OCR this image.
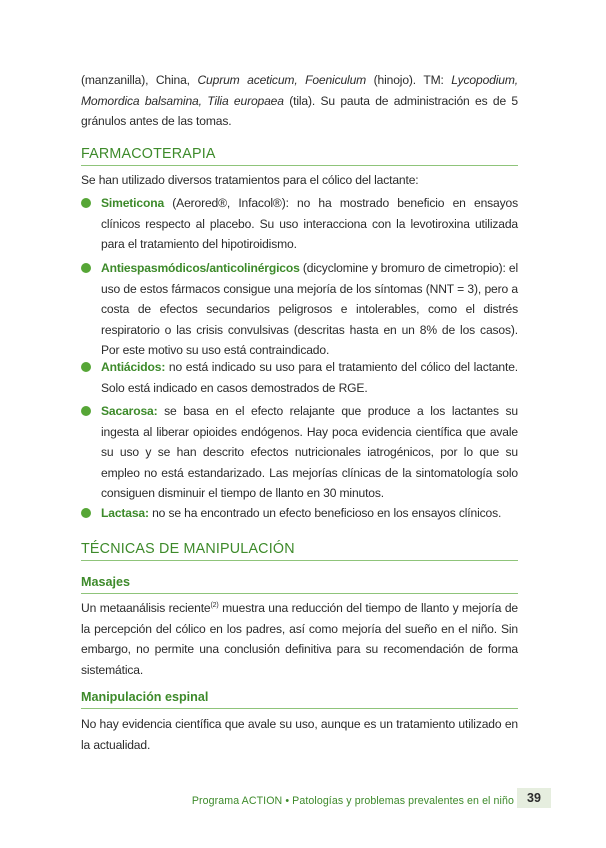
(manzanilla), China, Cuprum aceticum, Foeniculum (hinojo). TM: Lycopodium, Momordica balsamina, Tilia europaea (tila). Su pauta de administración es de 5 gránulos antes de las tomas.

FARMACOTERAPIA

Se han utilizado diversos tratamientos para el cólico del lactante:

Simeticona (Aerored®, Infacol®): no ha mostrado beneficio en ensayos clínicos respecto al placebo. Su uso interacciona con la levotiroxina utilizada para el tratamiento del hipotiroidismo.
Antiespasmódicos/anticolinérgicos (dicyclomine y bromuro de cimetropio): el uso de estos fármacos consigue una mejoría de los síntomas (NNT = 3), pero a costa de efectos secundarios peligrosos e intolerables, como el distrés respiratorio o las crisis convulsivas (descritas hasta en un 8% de los casos). Por este motivo su uso está contraindicado.
Antiácidos: no está indicado su uso para el tratamiento del cólico del lactante. Solo está indicado en casos demostrados de RGE.
Sacarosa: se basa en el efecto relajante que produce a los lactantes su ingesta al liberar opioides endógenos. Hay poca evidencia científica que avale su uso y se han descrito efectos nutricionales iatrogénicos, por lo que su empleo no está estandarizado. Las mejorías clínicas de la sintomatología solo consiguen disminuir el tiempo de llanto en 30 minutos.
Lactasa: no se ha encontrado un efecto beneficioso en los ensayos clínicos.
TÉCNICAS DE MANIPULACIÓN
Masajes

Un metaanálisis reciente$^{(2)}$ muestra una reducción del tiempo de llanto y mejoría de la percepción del cólico en los padres, así como mejoría del sueño en el niño. Sin embargo, no permite una conclusión definitiva para su recomendación de forma sistemática.

Manipulación espinal

No hay evidencia científica que avale su uso, aunque es un tratamiento utilizado en la actualidad.

Programa ACTION • Patologías y problemas prevalentes en el niño	39
